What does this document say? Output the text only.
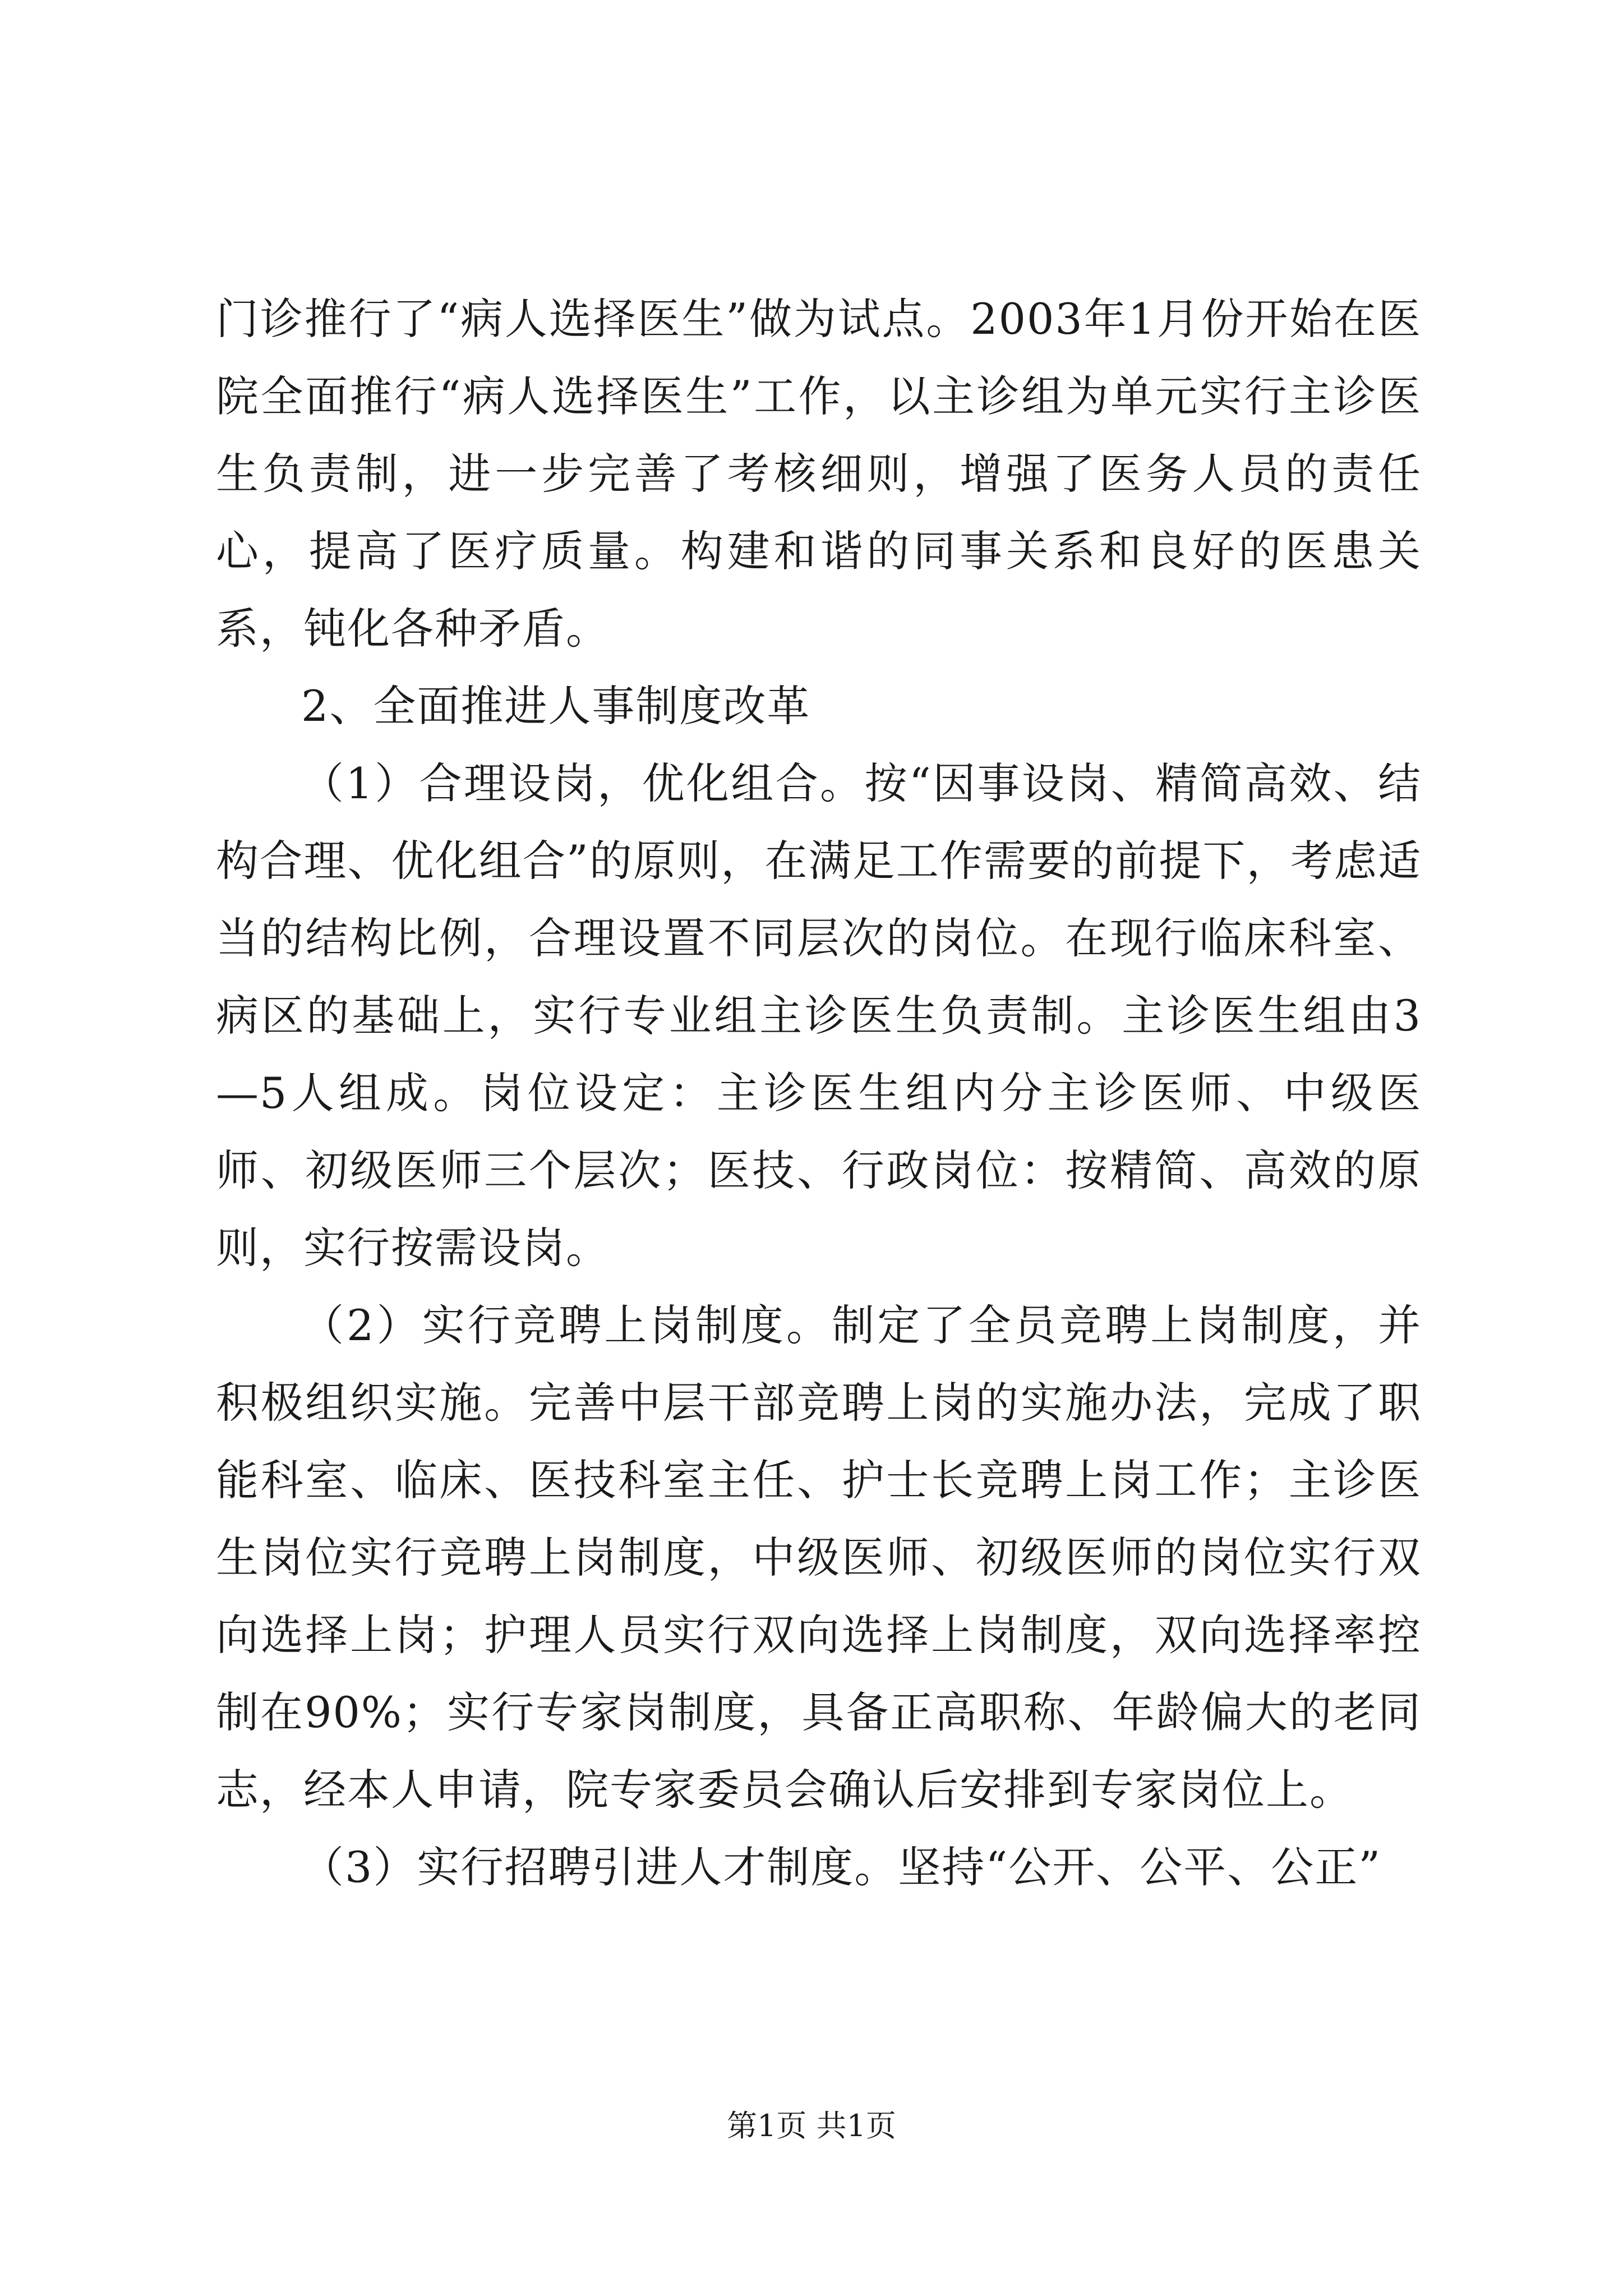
门诊推行了“病人选择医生”做为试点。2003年1月份开始在医院全面推行“病人选择医生”工作，以主诊组为单元实行主诊医生负责制，进一步完善了考核细则，增强了医务人员的责任心，提高了医疗质量。构建和谐的同事关系和良好的医患关系，钝化各种矛盾。

2、全面推进人事制度改革

（1）合理设岗，优化组合。按“因事设岗、精简高效、结构合理、优化组合”的原则，在满足工作需要的前提下，考虑适当的结构比例，合理设置不同层次的岗位。在现行临床科室、病区的基础上，实行专业组主诊医生负责制。主诊医生组由3—5人组成。岗位设定：主诊医生组内分主诊医师、中级医师、初级医师三个层次；医技、行政岗位：按精简、高效的原则，实行按需设岗。

（2）实行竞聘上岗制度。制定了全员竞聘上岗制度，并积极组织实施。完善中层干部竞聘上岗的实施办法，完成了职能科室、临床、医技科室主任、护士长竞聘上岗工作；主诊医生岗位实行竞聘上岗制度，中级医师、初级医师的岗位实行双向选择上岗；护理人员实行双向选择上岗制度，双向选择率控制在90%；实行专家岗制度，具备正高职称、年龄偏大的老同志，经本人申请，院专家委员会确认后安排到专家岗位上。

（3）实行招聘引进人才制度。坚持“公开、公平、公正”

第1页 共1页
